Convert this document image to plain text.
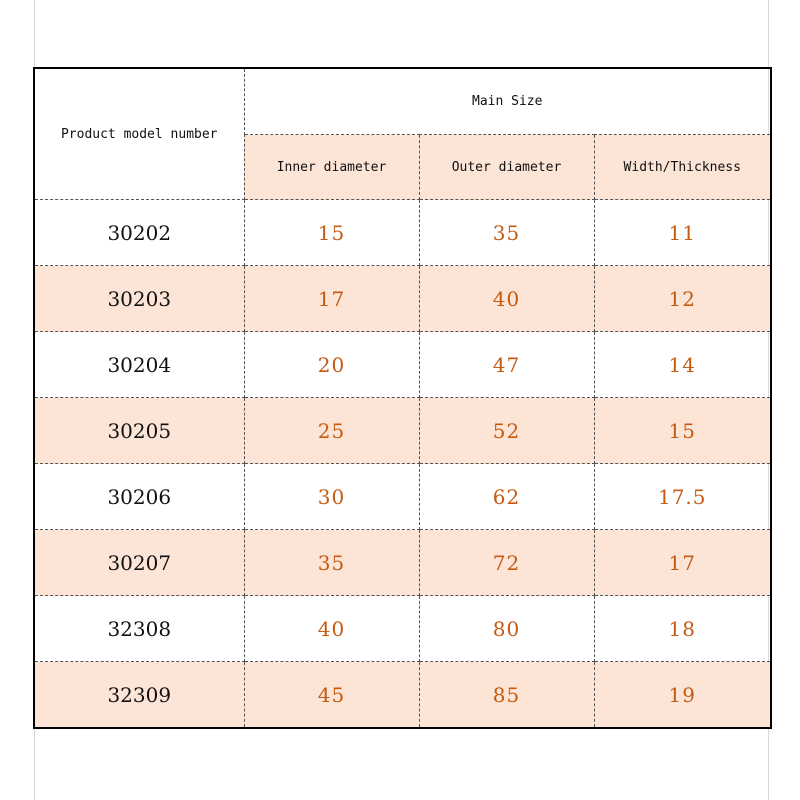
Product model number	Main Size		
	Inner diameter	Outer diameter	Width/Thickness
30202	15	35	11
30203	17	40	12
30204	20	47	14
30205	25	52	15
30206	30	62	17.5
30207	35	72	17
32308	40	80	18
32309	45	85	19
